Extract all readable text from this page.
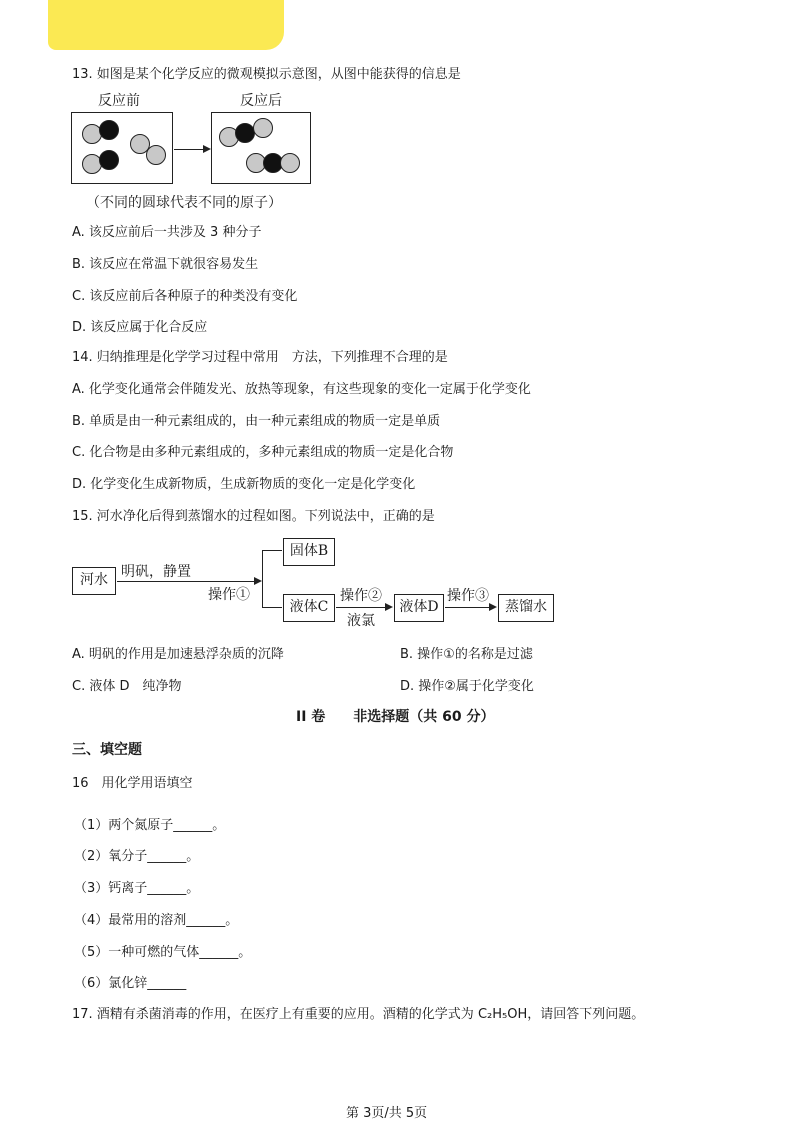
13. 如图是某个化学反应的微观模拟示意图，从图中能获得的信息是
反应前	反应后
（不同的圆球代表不同的原子）
A. 该反应前后一共涉及 3 种分子
B. 该反应在常温下就很容易发生
C. 该反应前后各种原子的种类没有变化
D. 该反应属于化合反应
14. 归纳推理是化学学习过程中常用　方法，下列推理不合理的是
A. 化学变化通常会伴随发光、放热等现象，有这些现象的变化一定属于化学变化
B. 单质是由一种元素组成的，由一种元素组成的物质一定是单质
C. 化合物是由多种元素组成的，多种元素组成的物质一定是化合物
D. 化学变化生成新物质，生成新物质的变化一定是化学变化
15. 河水净化后得到蒸馏水的过程如图。下列说法中，正确的是
河水 明矾，静置
操作①
固体B
液体C
操作②
液氯
液体D
操作③
蒸馏水
A. 明矾的作用是加速悬浮杂质的沉降	B. 操作①的名称是过滤
C. 液体 D　纯净物	D. 操作②属于化学变化
II 卷　　非选择题（共 60 分）
三、填空题
16　用化学用语填空
（1）两个氮原子______。
（2）氧分子______。
（3）钙离子______。
（4）最常用的溶剂______。
（5）一种可燃的气体______。
（6）氯化锌______
17. 酒精有杀菌消毒的作用，在医疗上有重要的应用。酒精的化学式为 C₂H₅OH，请回答下列问题。
第 3页/共 5页
